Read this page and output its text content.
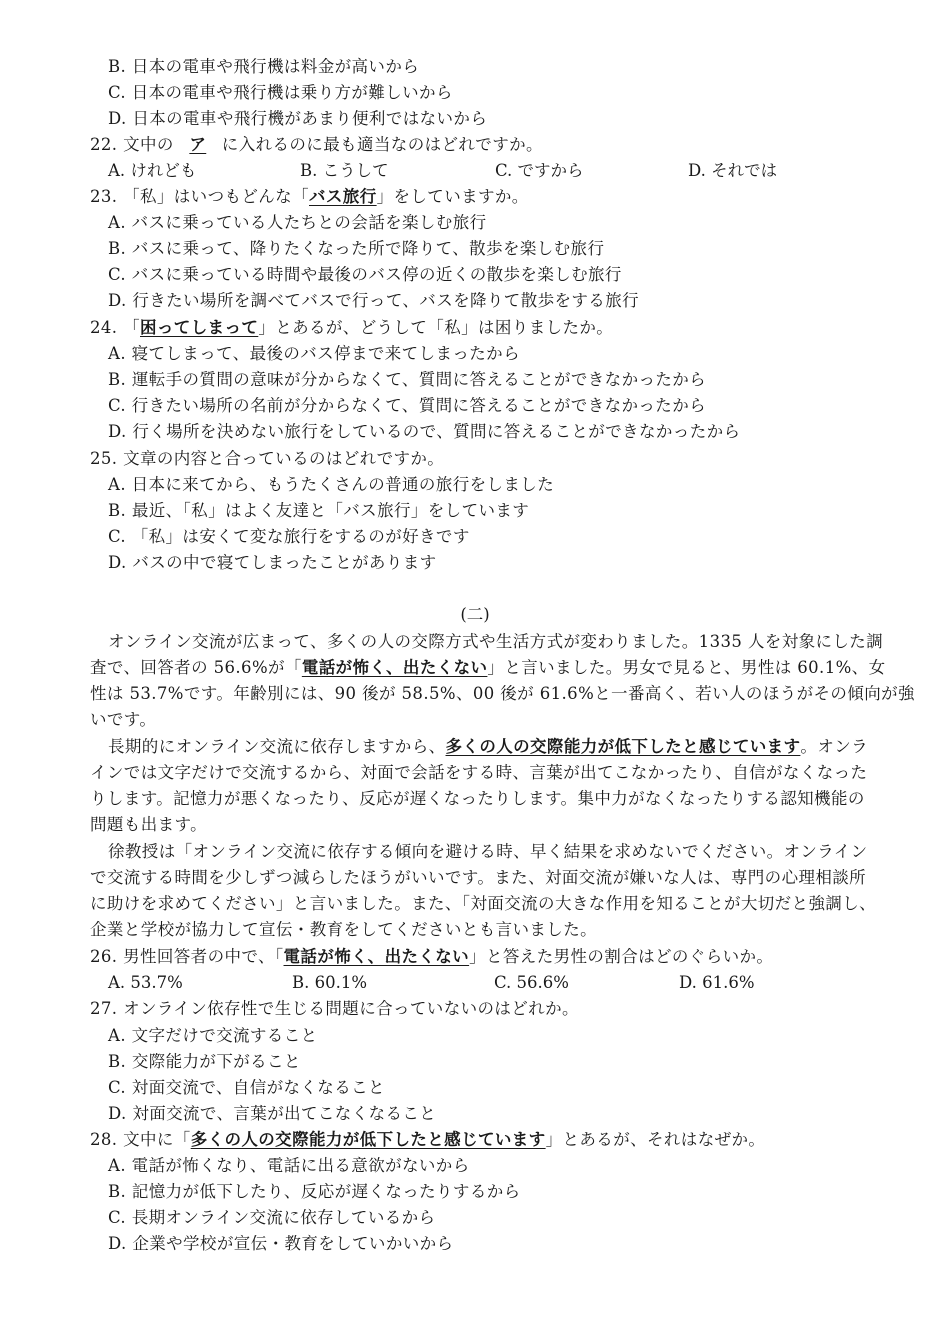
B. 日本の電車や飛行機は料金が高いから
C. 日本の電車や飛行機は乗り方が難しいから
D. 日本の電車や飛行機があまり便利ではないから
22. 文中の ア に入れるのに最も適当なのはどれですか。
A. けれども	B. こうして	C. ですから	D. それでは
23. 「私」はいつもどんな「バス旅行」をしていますか。
A. バスに乗っている人たちとの会話を楽しむ旅行
B. バスに乗って、降りたくなった所で降りて、散歩を楽しむ旅行
C. バスに乗っている時間や最後のバス停の近くの散歩を楽しむ旅行
D. 行きたい場所を調べてバスで行って、バスを降りて散歩をする旅行
24. 「困ってしまって」とあるが、どうして「私」は困りましたか。
A. 寝てしまって、最後のバス停まで来てしまったから
B. 運転手の質問の意味が分からなくて、質問に答えることができなかったから
C. 行きたい場所の名前が分からなくて、質問に答えることができなかったから
D. 行く場所を決めない旅行をしているので、質問に答えることができなかったから
25. 文章の内容と合っているのはどれですか。
A. 日本に来てから、もうたくさんの普通の旅行をしました
B. 最近、「私」はよく友達と「バス旅行」をしています
C. 「私」は安くて変な旅行をするのが好きです
D. バスの中で寝てしまったことがあります
(二)
オンライン交流が広まって、多くの人の交際方式や生活方式が変わりました。1335 人を対象にした調
査で、回答者の 56.6%が「電話が怖く、出たくない」と言いました。男女で見ると、男性は 60.1%、女
性は 53.7%です。年齢別には、90 後が 58.5%、00 後が 61.6%と一番高く、若い人のほうがその傾向が強
いです。
長期的にオンライン交流に依存しますから、多くの人の交際能力が低下したと感じています。オンラ
インでは文字だけで交流するから、対面で会話をする時、言葉が出てこなかったり、自信がなくなった
りします。記憶力が悪くなったり、反応が遅くなったりします。集中力がなくなったりする認知機能の
問題も出ます。
徐教授は「オンライン交流に依存する傾向を避ける時、早く結果を求めないでください。オンライン
で交流する時間を少しずつ減らしたほうがいいです。また、対面交流が嫌いな人は、専門の心理相談所
に助けを求めてください」と言いました。また、「対面交流の大きな作用を知ることが大切だと強調し、
企業と学校が協力して宣伝・教育をしてくださいとも言いました。
26. 男性回答者の中で、「電話が怖く、出たくない」と答えた男性の割合はどのぐらいか。
A. 53.7%	B. 60.1%	C. 56.6%	D. 61.6%
27. オンライン依存性で生じる問題に合っていないのはどれか。
A. 文字だけで交流すること
B. 交際能力が下がること
C. 対面交流で、自信がなくなること
D. 対面交流で、言葉が出てこなくなること
28. 文中に「多くの人の交際能力が低下したと感じています」とあるが、それはなぜか。
A. 電話が怖くなり、電話に出る意欲がないから
B. 記憶力が低下したり、反応が遅くなったりするから
C. 長期オンライン交流に依存しているから
D. 企業や学校が宣伝・教育をしていかいから
